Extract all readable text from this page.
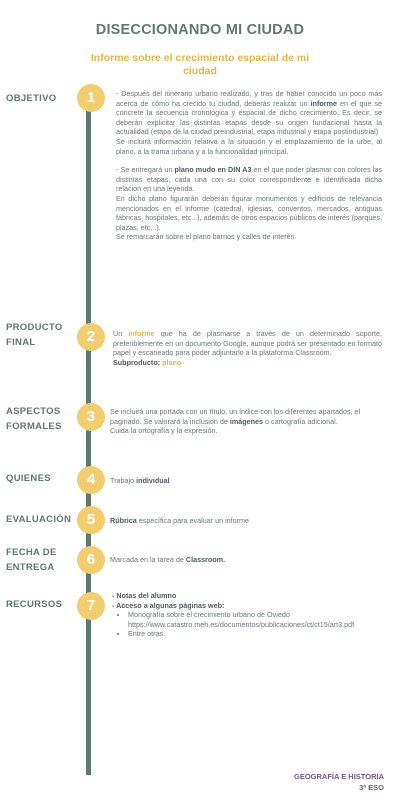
DISECCIONANDO MI CIUDAD
Informe sobre el crecimiento espacial de mi
ciudad
OBJETIVO	1	- Después del itinerario urbano realizado, y tras de haber conocido un poco más acerca de cómo ha crecido tu ciudad, deberás realizar un informe en el que se concrete la secuencia cronológica y espacial de dicho crecimiento. Es decir, se deberán explicitar las distintas etapas desde su origen fundacional hasta la actualidad (etapa de la ciudad preindustrial, etapa industrial y etapa postindustrial)

Se incluirá información relativa a la situación y el emplazamiento de la urbe, al plano, a la trama urbana y a la funcionalidad principal.

- Se entregará un plano mudo en DIN A3 en el que poder plasmar con colores las distintas etapas, cada una con su color correspondiente e identificada dicha relación en una leyenda.

En dicho plano figurarán deberán figurar monumentos y edificios de relevancia mencionados en el informe (catedral, iglesias, conventos, mercados, antiguas fábricas, hospitales, etc...), además de otros espacios públicos de interés (parques, plazas, etc...).

Se remarcarán sobre el plano barrios y calles de interés.

PRODUCTO
FINAL	2	Un informe que ha de plasmarse a través de un determinado soporte, preferiblemente en un documento Google, aunque podrá ser presentado en formato papel y escaneado para poder adjuntarlo a la plataforma Classroom.

Subproducto: plano

ASPECTOS
FORMALES
3	Se incluirá una portada con un título, un índice con los diferentes apartados, el paginado. Se valorará la inclusión de imágenes o cartografía adicional.

Cuida la ortografía y la expresión.

QUIENES	4	Trabajo individual
EVALUACIÓN	5	Rúbrica específica para evaluar un informe
FECHA DE
ENTREGA	6	Marcada en la tarea de Classroom.
RECURSOS	7

- Notas del alumno

- Acceso a algunas páginas web:

• Monografía sobre el crecimiento urbano de Oviedo
https://www.catastro.meh.es/documentos/publicaciones/ct/ct15/art3.pdf
• Entre otras.
GEOGRAFÍA E HISTORIA
3º ESO
